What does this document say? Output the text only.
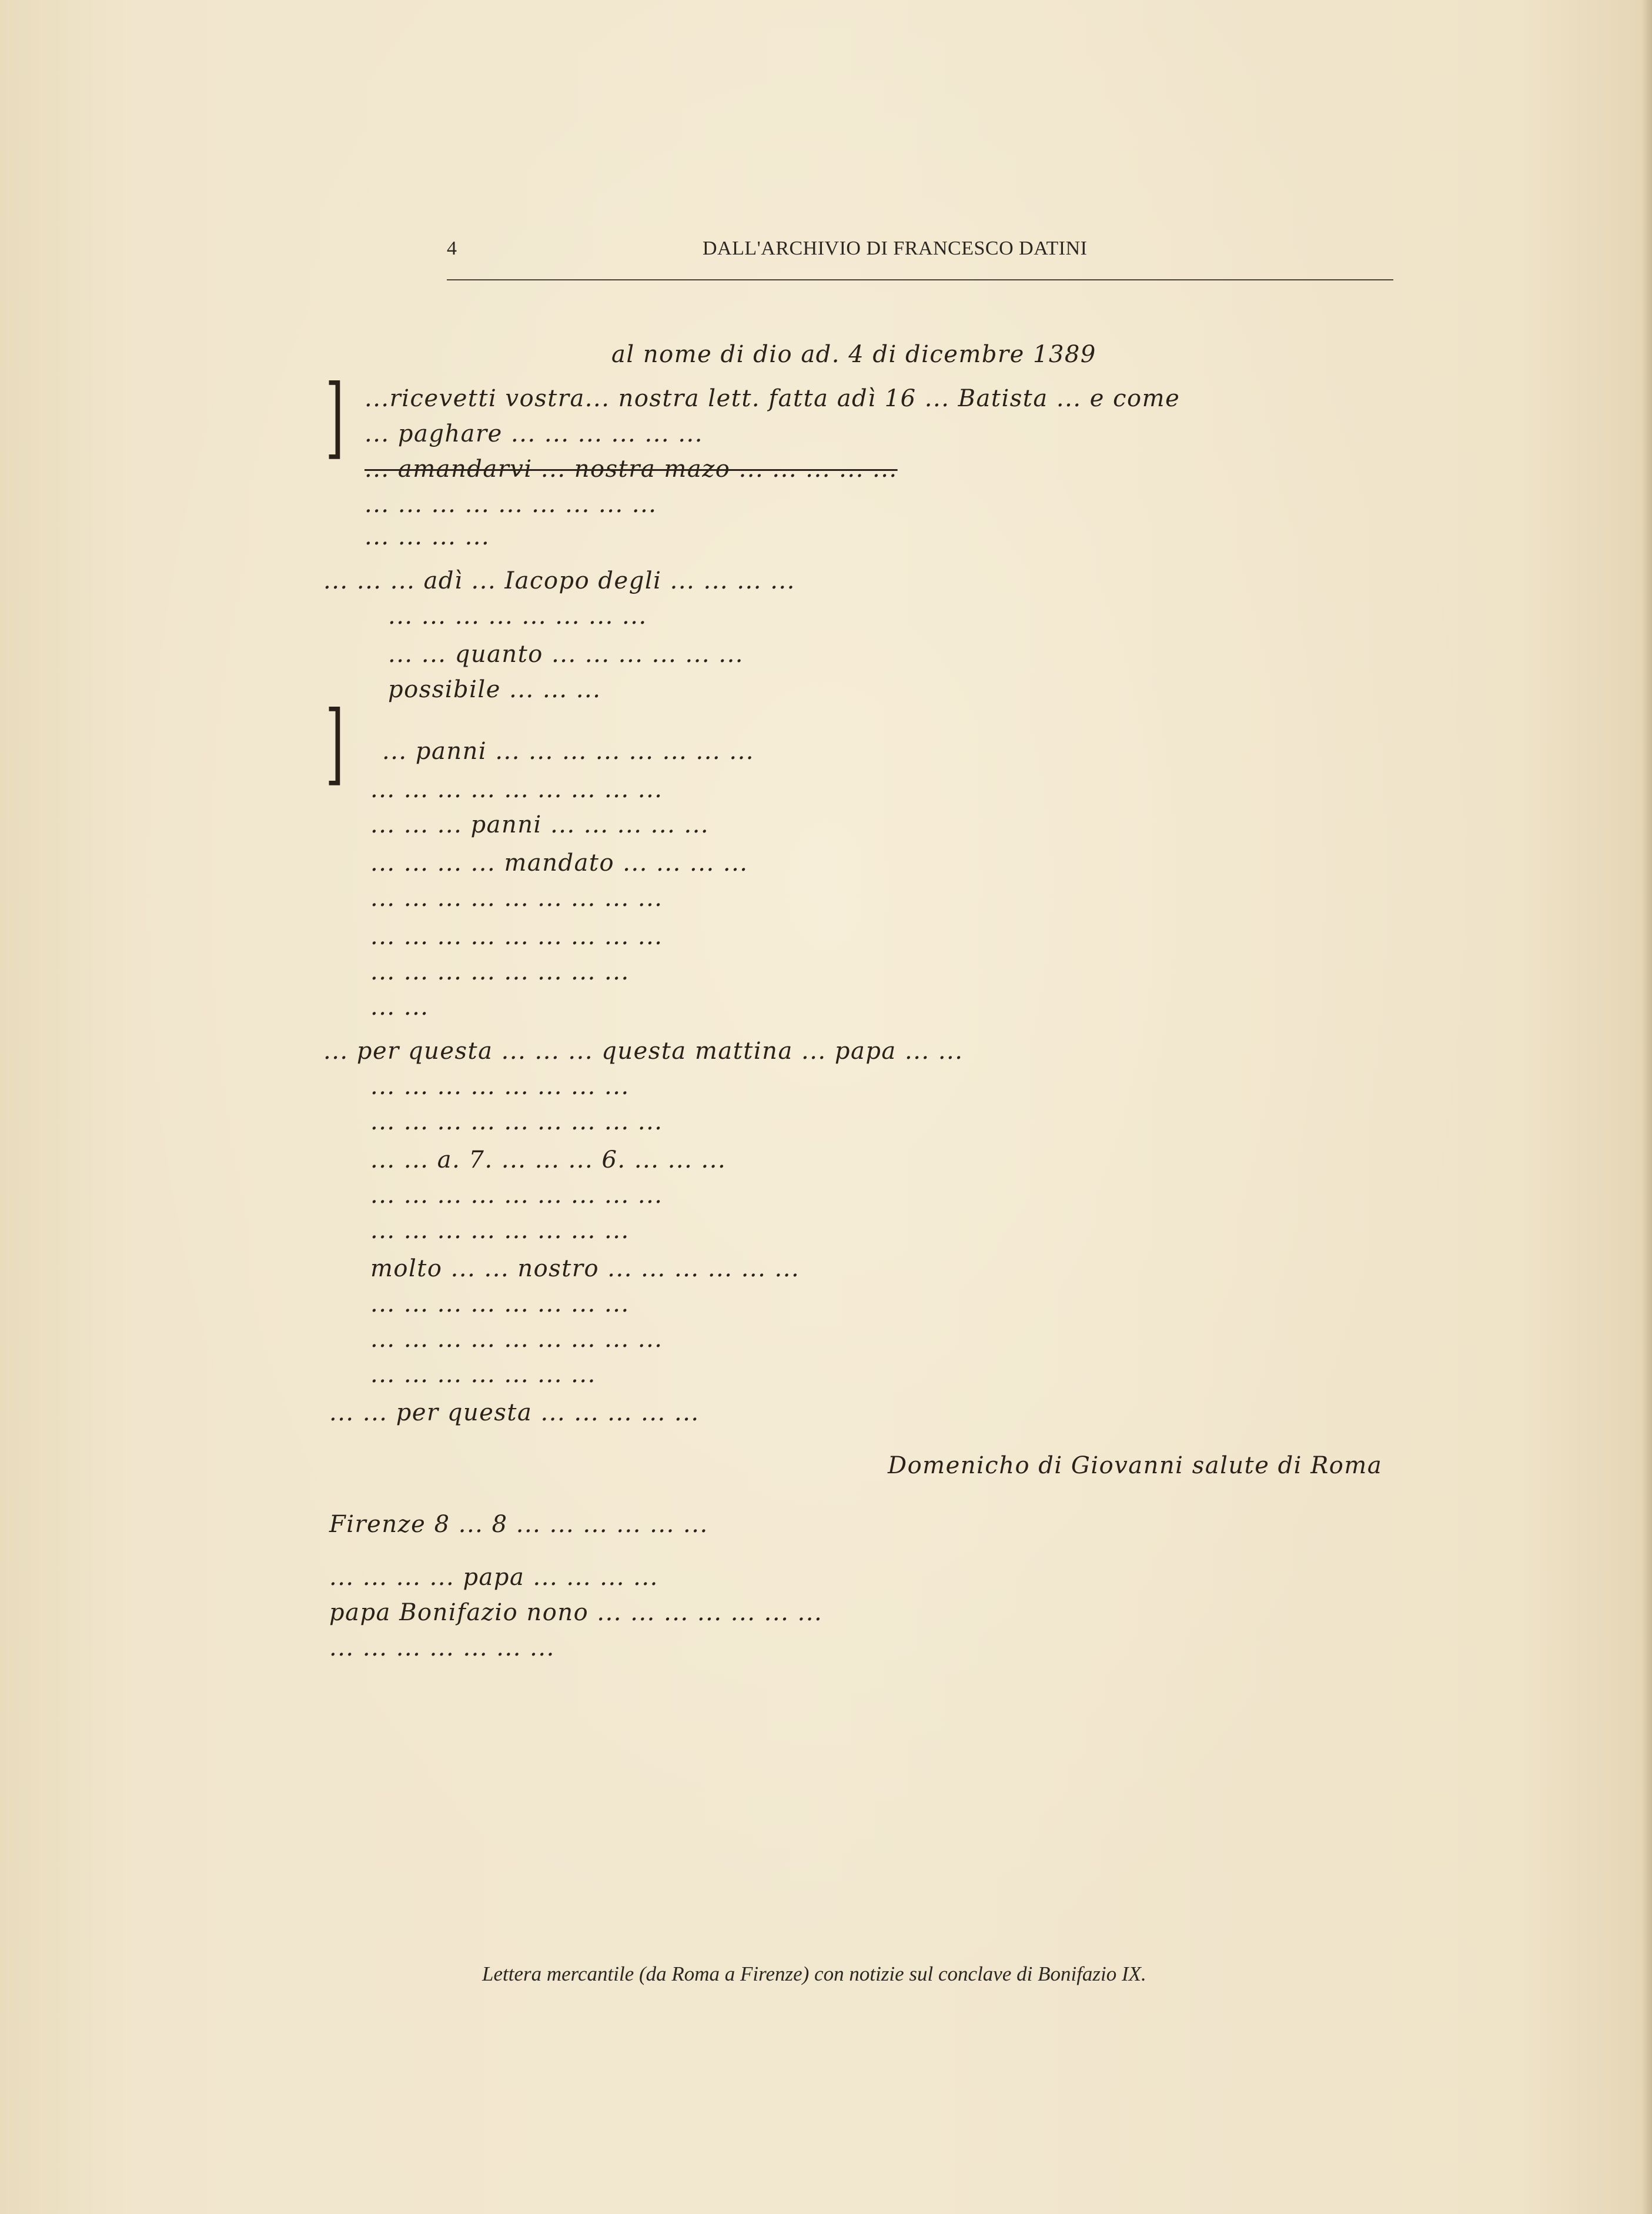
4	DALL'ARCHIVIO DI FRANCESCO DATINI
]
]
al nome di dio ad. 4 di dicembre 1389
...ricevetti vostra... nostra lett. fatta adì 16 ... Batista ... e come
... paghare ... ... ... ... ... ...
... amandarvi ... nostra mazo ... ... ... ... ...
... ... ... ... ... ... ... ... ...
... ... ... ...
... ... ... adì ... Iacopo degli ... ... ... ...
... ... ... ... ... ... ... ...
... ... quanto ... ... ... ... ... ...
possibile ... ... ...
... panni ... ... ... ... ... ... ... ...
... ... ... ... ... ... ... ... ...
... ... ... panni ... ... ... ... ...
... ... ... ... mandato ... ... ... ...
... ... ... ... ... ... ... ... ...
... ... ... ... ... ... ... ... ...
... ... ... ... ... ... ... ...
... ...
... per questa ... ... ... questa mattina ... papa ... ...
... ... ... ... ... ... ... ...
... ... ... ... ... ... ... ... ...
... ... a. 7. ... ... ... 6. ... ... ...
... ... ... ... ... ... ... ... ...
... ... ... ... ... ... ... ...
molto ... ... nostro ... ... ... ... ... ...
... ... ... ... ... ... ... ...
... ... ... ... ... ... ... ... ...
... ... ... ... ... ... ...
... ... per questa ... ... ... ... ...
Domenicho di Giovanni salute di Roma
Firenze 8 ... 8 ... ... ... ... ... ...
... ... ... ... papa ... ... ... ...
papa Bonifazio nono ... ... ... ... ... ... ...
... ... ... ... ... ... ...
Lettera mercantile (da Roma a Firenze) con notizie sul conclave di Bonifazio IX.
